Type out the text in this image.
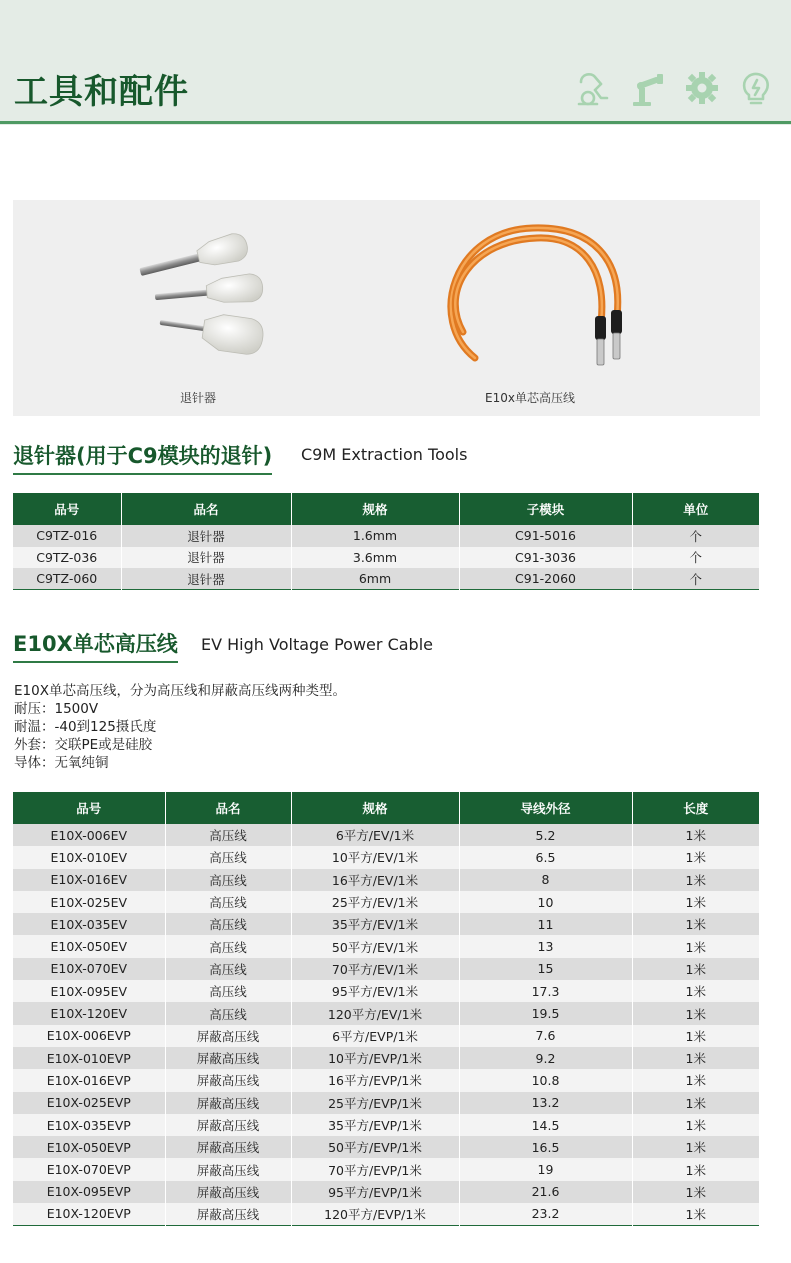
工具和配件
退针器	E10x单芯高压线
退针器(用于C9模块的退针) C9M Extraction Tools
品号	品名	规格	子模块	单位
C9TZ-016	退针器	1.6mm	C91-5016	个
C9TZ-036	退针器	3.6mm	C91-3036	个
C9TZ-060	退针器	6mm	C91-2060	个
E10X单芯高压线 EV High Voltage Power Cable
E10X单芯高压线，分为高压线和屏蔽高压线两种类型。
耐压：1500V
耐温：-40到125摄氏度
外套：交联PE或是硅胶
导体：无氧纯铜
品号	品名	规格	导线外径	长度
E10X-006EV	高压线	6平方/EV/1米	5.2	1米
E10X-010EV	高压线	10平方/EV/1米	6.5	1米
E10X-016EV	高压线	16平方/EV/1米	8	1米
E10X-025EV	高压线	25平方/EV/1米	10	1米
E10X-035EV	高压线	35平方/EV/1米	11	1米
E10X-050EV	高压线	50平方/EV/1米	13	1米
E10X-070EV	高压线	70平方/EV/1米	15	1米
E10X-095EV	高压线	95平方/EV/1米	17.3	1米
E10X-120EV	高压线	120平方/EV/1米	19.5	1米
E10X-006EVP	屏蔽高压线	6平方/EVP/1米	7.6	1米
E10X-010EVP	屏蔽高压线	10平方/EVP/1米	9.2	1米
E10X-016EVP	屏蔽高压线	16平方/EVP/1米	10.8	1米
E10X-025EVP	屏蔽高压线	25平方/EVP/1米	13.2	1米
E10X-035EVP	屏蔽高压线	35平方/EVP/1米	14.5	1米
E10X-050EVP	屏蔽高压线	50平方/EVP/1米	16.5	1米
E10X-070EVP	屏蔽高压线	70平方/EVP/1米	19	1米
E10X-095EVP	屏蔽高压线	95平方/EVP/1米	21.6	1米
E10X-120EVP	屏蔽高压线	120平方/EVP/1米	23.2	1米
